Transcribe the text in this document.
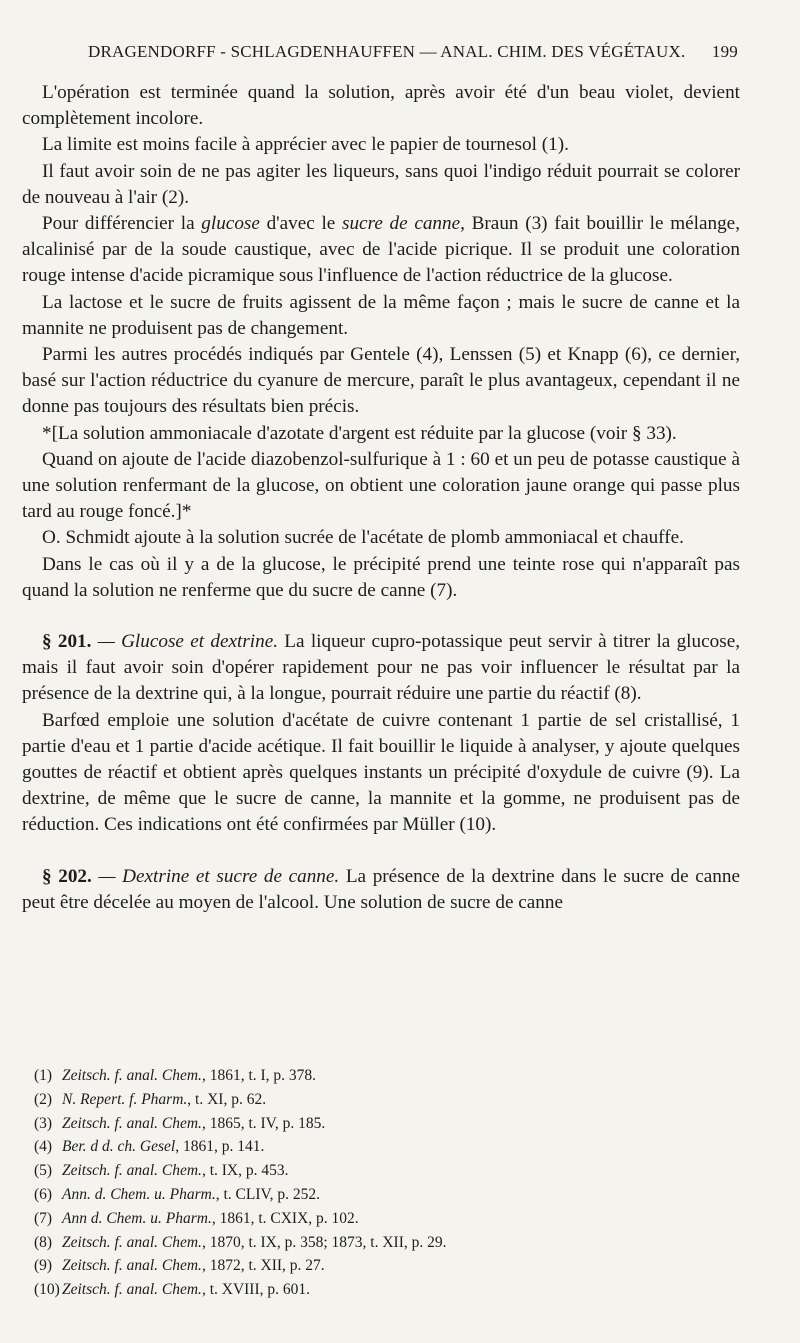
DRAGENDORFF - SCHLAGDENHAUFFEN — ANAL. CHIM. DES VÉGÉTAUX. 199

L'opération est terminée quand la solution, après avoir été d'un beau violet, devient complètement incolore.

La limite est moins facile à apprécier avec le papier de tournesol (1).

Il faut avoir soin de ne pas agiter les liqueurs, sans quoi l'indigo réduit pourrait se colorer de nouveau à l'air (2).

Pour différencier la glucose d'avec le sucre de canne, Braun (3) fait bouillir le mélange, alcalinisé par de la soude caustique, avec de l'acide picrique. Il se produit une coloration rouge intense d'acide picramique sous l'influence de l'action réductrice de la glucose.

La lactose et le sucre de fruits agissent de la même façon ; mais le sucre de canne et la mannite ne produisent pas de changement.

Parmi les autres procédés indiqués par Gentele (4), Lenssen (5) et Knapp (6), ce dernier, basé sur l'action réductrice du cyanure de mercure, paraît le plus avantageux, cependant il ne donne pas toujours des résultats bien précis.

*[La solution ammoniacale d'azotate d'argent est réduite par la glucose (voir § 33).

Quand on ajoute de l'acide diazobenzol-sulfurique à 1 : 60 et un peu de potasse caustique à une solution renfermant de la glucose, on obtient une coloration jaune orange qui passe plus tard au rouge foncé.]*

O. Schmidt ajoute à la solution sucrée de l'acétate de plomb ammoniacal et chauffe.

Dans le cas où il y a de la glucose, le précipité prend une teinte rose qui n'apparaît pas quand la solution ne renferme que du sucre de canne (7).

§ 201. — Glucose et dextrine. La liqueur cupro-potassique peut servir à titrer la glucose, mais il faut avoir soin d'opérer rapidement pour ne pas voir influencer le résultat par la présence de la dextrine qui, à la longue, pourrait réduire une partie du réactif (8).

Barfœd emploie une solution d'acétate de cuivre contenant 1 partie de sel cristallisé, 1 partie d'eau et 1 partie d'acide acétique. Il fait bouillir le liquide à analyser, y ajoute quelques gouttes de réactif et obtient après quelques instants un précipité d'oxydule de cuivre (9). La dextrine, de même que le sucre de canne, la mannite et la gomme, ne produisent pas de réduction. Ces indications ont été confirmées par Müller (10).

§ 202. — Dextrine et sucre de canne. La présence de la dextrine dans le sucre de canne peut être décelée au moyen de l'alcool. Une solution de sucre de canne

(1) Zeitsch. f. anal. Chem., 1861, t. I, p. 378.
(2) N. Repert. f. Pharm., t. XI, p. 62.
(3) Zeitsch. f. anal. Chem., 1865, t. IV, p. 185.
(4) Ber. d d. ch. Gesel, 1861, p. 141.
(5) Zeitsch. f. anal. Chem., t. IX, p. 453.
(6) Ann. d. Chem. u. Pharm., t. CLIV, p. 252.
(7) Ann d. Chem. u. Pharm., 1861, t. CXIX, p. 102.
(8) Zeitsch. f. anal. Chem., 1870, t. IX, p. 358; 1873, t. XII, p. 29.
(9) Zeitsch. f. anal. Chem., 1872, t. XII, p. 27.
(10) Zeitsch. f. anal. Chem., t. XVIII, p. 601.
